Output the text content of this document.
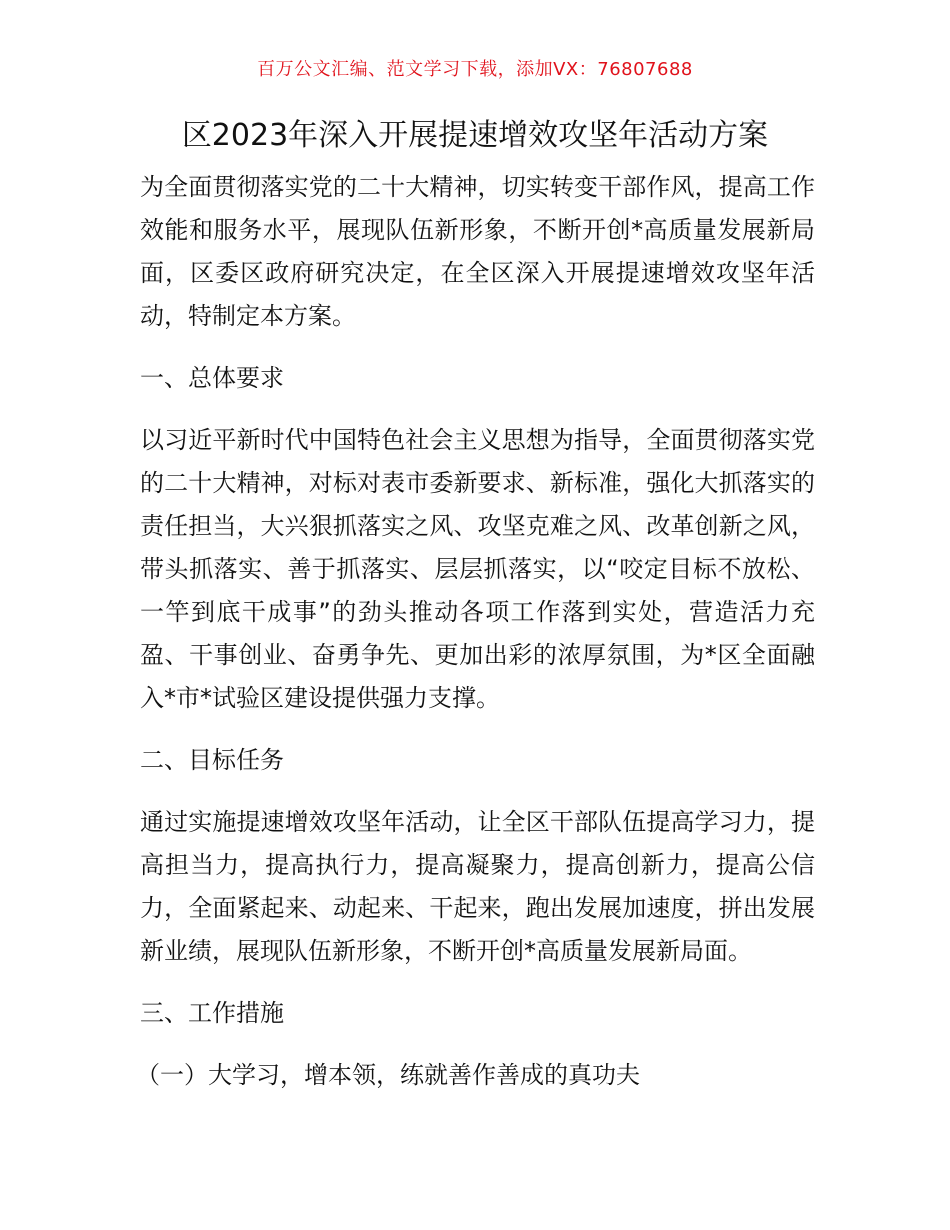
百万公文汇编、范文学习下载，添加VX：76807688
区2023年深入开展提速增效攻坚年活动方案

为全面贯彻落实党的二十大精神，切实转变干部作风，提高工作效能和服务水平，展现队伍新形象，不断开创*高质量发展新局面，区委区政府研究决定，在全区深入开展提速增效攻坚年活动，特制定本方案。

一、总体要求

以习近平新时代中国特色社会主义思想为指导，全面贯彻落实党的二十大精神，对标对表市委新要求、新标准，强化大抓落实的责任担当，大兴狠抓落实之风、攻坚克难之风、改革创新之风，带头抓落实、善于抓落实、层层抓落实，以“咬定目标不放松、一竿到底干成事”的劲头推动各项工作落到实处，营造活力充盈、干事创业、奋勇争先、更加出彩的浓厚氛围，为*区全面融入*市*试验区建设提供强力支撑。

二、目标任务

通过实施提速增效攻坚年活动，让全区干部队伍提高学习力，提高担当力，提高执行力，提高凝聚力，提高创新力，提高公信力，全面紧起来、动起来、干起来，跑出发展加速度，拼出发展新业绩，展现队伍新形象，不断开创*高质量发展新局面。

三、工作措施

（一）大学习，增本领，练就善作善成的真功夫
